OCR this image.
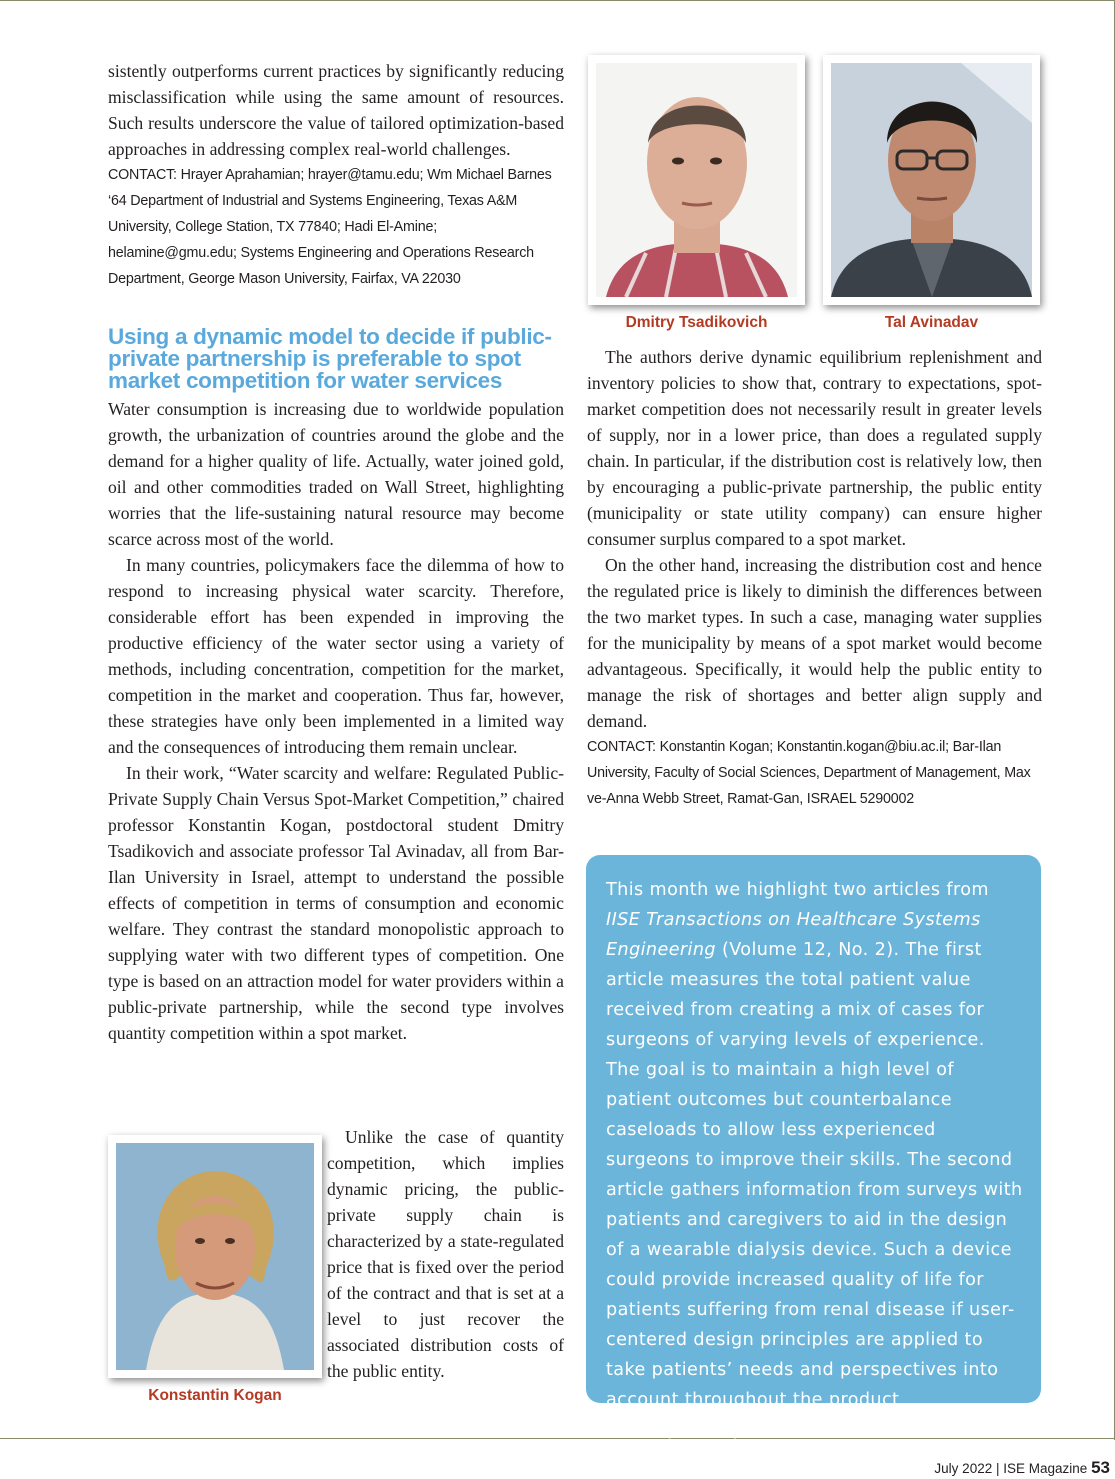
sistently outperforms current practices by significantly reducing misclassification while using the same amount of resources. Such results underscore the value of tailored optimization-based approaches in addressing complex real-world challenges.

CONTACT: Hrayer Aprahamian; hrayer@tamu.edu; Wm Michael Barnes ‘64 Department of Industrial and Systems Engineering, Texas A&M University, College Station, TX 77840; Hadi El-Amine; helamine@gmu.edu; Systems Engineering and Operations Research Department, George Mason University, Fairfax, VA 22030

Using a dynamic model to decide if public-private partnership is preferable to spot market competition for water services

Water consumption is increasing due to worldwide population growth, the urbanization of countries around the globe and the demand for a higher quality of life. Actually, water joined gold, oil and other commodities traded on Wall Street, highlighting worries that the life-sustaining natural resource may become scarce across most of the world.

In many countries, policymakers face the dilemma of how to respond to increasing physical water scarcity. Therefore, considerable effort has been expended in improving the productive efficiency of the water sector using a variety of methods, including concentration, competition for the market, competition in the market and cooperation. Thus far, however, these strategies have only been implemented in a limited way and the consequences of introducing them remain unclear.

In their work, “Water scarcity and welfare: Regulated Public-Private Supply Chain Versus Spot-Market Competition,” chaired professor Konstantin Kogan, postdoctoral student Dmitry Tsadikovich and associate professor Tal Avinadav, all from Bar-Ilan University in Israel, attempt to understand the possible effects of competition in terms of consumption and economic welfare. They contrast the standard monopolistic approach to supplying water with two different types of competition. One type is based on an attraction model for water providers within a public-private partnership, while the second type involves quantity competition within a spot market.

Konstantin Kogan

Unlike the case of quantity competition, which implies dynamic pricing, the public-private supply chain is characterized by a state-regulated price that is fixed over the period of the contract and that is set at a level to just recover the associated distribution costs of the public entity.

Dmitry Tsadikovich	Tal Avinadav

The authors derive dynamic equilibrium replenishment and inventory policies to show that, contrary to expectations, spot-market competition does not necessarily result in greater levels of supply, nor in a lower price, than does a regulated supply chain. In particular, if the distribution cost is relatively low, then by encouraging a public-private partnership, the public entity (municipality or state utility company) can ensure higher consumer surplus compared to a spot market.

On the other hand, increasing the distribution cost and hence the regulated price is likely to diminish the differences between the two market types. In such a case, managing water supplies for the municipality by means of a spot market would become advantageous. Specifically, it would help the public entity to manage the risk of shortages and better align supply and demand.

CONTACT: Konstantin Kogan; Konstantin.kogan@biu.ac.il; Bar-Ilan University, Faculty of Social Sciences, Department of Management, Max ve-Anna Webb Street, Ramat-Gan, ISRAEL 5290002

This month we highlight two articles from IISE Transactions on Healthcare Systems Engineering (Volume 12, No. 2). The first article measures the total patient value received from creating a mix of cases for surgeons of varying levels of experience. The goal is to maintain a high level of patient outcomes but counterbalance caseloads to allow less experienced surgeons to improve their skills. The second article gathers information from surveys with patients and caregivers to aid in the design of a wearable dialysis device. Such a device could provide increased quality of life for patients suffering from renal disease if user-centered design principles are applied to take patients’ needs and perspectives into account throughout the product development process.

July 2022 | ISE Magazine 53
